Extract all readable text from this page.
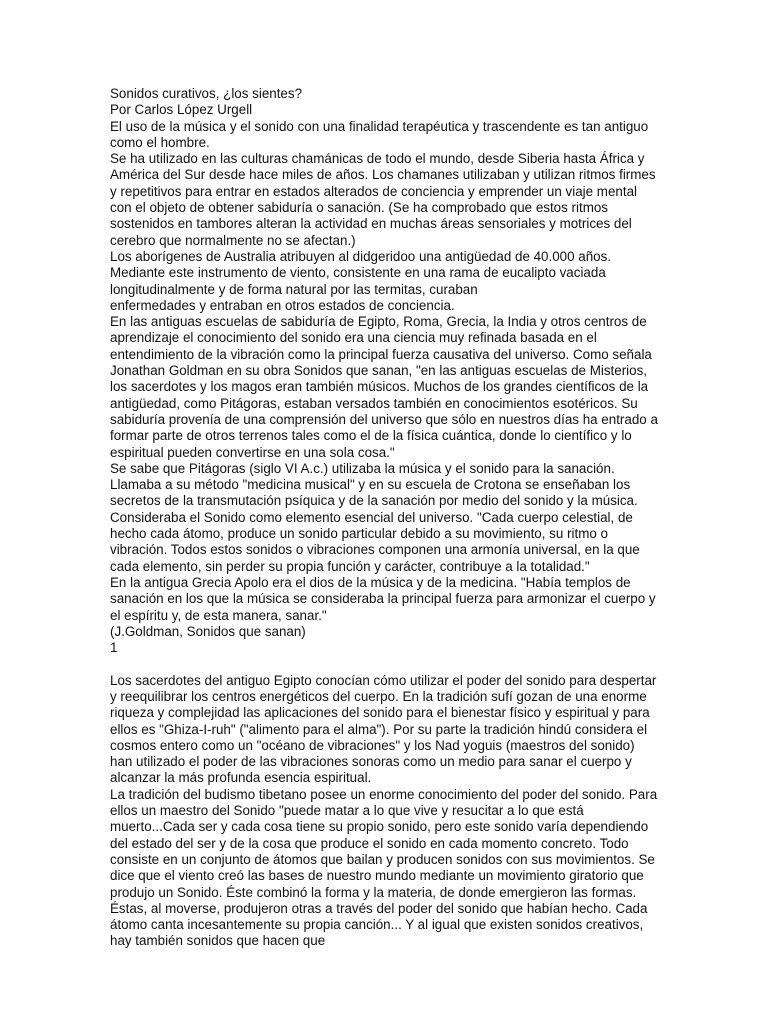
Sonidos curativos, ¿los sientes?

Por Carlos López Urgell

El uso de la música y el sonido con una finalidad terapéutica y trascendente es tan antiguo como el hombre.

Se ha utilizado en las culturas chamánicas de todo el mundo, desde Siberia hasta África y América del Sur desde hace miles de años. Los chamanes utilizaban y utilizan ritmos firmes y repetitivos para entrar en estados alterados de conciencia y emprender un viaje mental con el objeto de obtener sabiduría o sanación. (Se ha comprobado que estos ritmos sostenidos en tambores alteran la actividad en muchas áreas sensoriales y motrices del cerebro que normalmente no se afectan.)

Los aborígenes de Australia atribuyen al didgeridoo una antigüedad de 40.000 años. Mediante este instrumento de viento, consistente en una rama de eucalipto vaciada longitudinalmente y de forma natural por las termitas, curaban

enfermedades y entraban en otros estados de conciencia.

En las antiguas escuelas de sabiduría de Egipto, Roma, Grecia, la India y otros centros de aprendizaje el conocimiento del sonido era una ciencia muy refinada basada en el entendimiento de la vibración como la principal fuerza causativa del universo. Como señala Jonathan Goldman en su obra Sonidos que sanan, "en las antiguas escuelas de Misterios, los sacerdotes y los magos eran también músicos. Muchos de los grandes científicos de la antigüedad, como Pitágoras, estaban versados también en conocimientos esotéricos. Su sabiduría provenía de una comprensión del universo que sólo en nuestros días ha entrado a formar parte de otros terrenos tales como el de la física cuántica, donde lo científico y lo espiritual pueden convertirse en una sola cosa."

Se sabe que Pitágoras (siglo VI A.c.) utilizaba la música y el sonido para la sanación. Llamaba a su método "medicina musical" y en su escuela de Crotona se enseñaban los secretos de la transmutación psíquica y de la sanación por medio del sonido y la música. Consideraba el Sonido como elemento esencial del universo. "Cada cuerpo celestial, de hecho cada átomo, produce un sonido particular debido a su movimiento, su ritmo o vibración. Todos estos sonidos o vibraciones componen una armonía universal, en la que cada elemento, sin perder su propia función y carácter, contribuye a la totalidad."

En la antigua Grecia Apolo era el dios de la música y de la medicina. "Había templos de sanación en los que la música se consideraba la principal fuerza para armonizar el cuerpo y el espíritu y, de esta manera, sanar."

(J.Goldman, Sonidos que sanan)

1

Los sacerdotes del antiguo Egipto conocían cómo utilizar el poder del sonido para despertar y reequilibrar los centros energéticos del cuerpo. En la tradición sufí gozan de una enorme riqueza y complejidad las aplicaciones del sonido para el bienestar físico y espiritual y para ellos es "Ghiza-I-ruh" ("alimento para el alma"). Por su parte la tradición hindú considera el cosmos entero como un "océano de vibraciones" y los Nad yoguis (maestros del sonido) han utilizado el poder de las vibraciones sonoras como un medio para sanar el cuerpo y alcanzar la más profunda esencia espiritual.

La tradición del budismo tibetano posee un enorme conocimiento del poder del sonido. Para ellos un maestro del Sonido "puede matar a lo que vive y resucitar a lo que está muerto...Cada ser y cada cosa tiene su propio sonido, pero este sonido varía dependiendo del estado del ser y de la cosa que produce el sonido en cada momento concreto. Todo consiste en un conjunto de átomos que bailan y producen sonidos con sus movimientos. Se dice que el viento creó las bases de nuestro mundo mediante un movimiento giratorio que produjo un Sonido. Éste combinó la forma y la materia, de donde emergieron las formas. Éstas, al moverse, produjeron otras a través del poder del sonido que habían hecho. Cada átomo canta incesantemente su propia canción... Y al igual que existen sonidos creativos, hay también sonidos que hacen que
